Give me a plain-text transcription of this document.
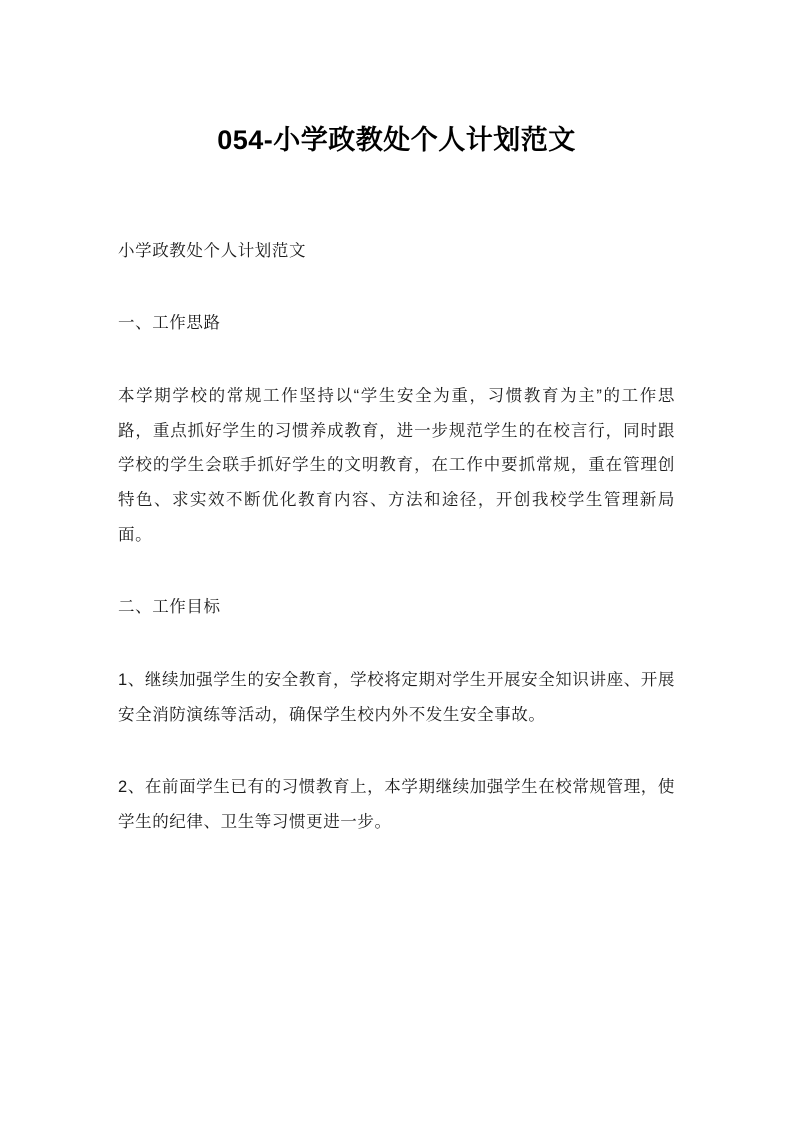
054-小学政教处个人计划范文

小学政教处个人计划范文

一、工作思路

本学期学校的常规工作坚持以“学生安全为重，习惯教育为主”的工作思路，重点抓好学生的习惯养成教育，进一步规范学生的在校言行，同时跟学校的学生会联手抓好学生的文明教育，在工作中要抓常规，重在管理创特色、求实效不断优化教育内容、方法和途径，开创我校学生管理新局面。

二、工作目标

1、继续加强学生的安全教育，学校将定期对学生开展安全知识讲座、开展安全消防演练等活动，确保学生校内外不发生安全事故。

2、在前面学生已有的习惯教育上，本学期继续加强学生在校常规管理，使学生的纪律、卫生等习惯更进一步。
